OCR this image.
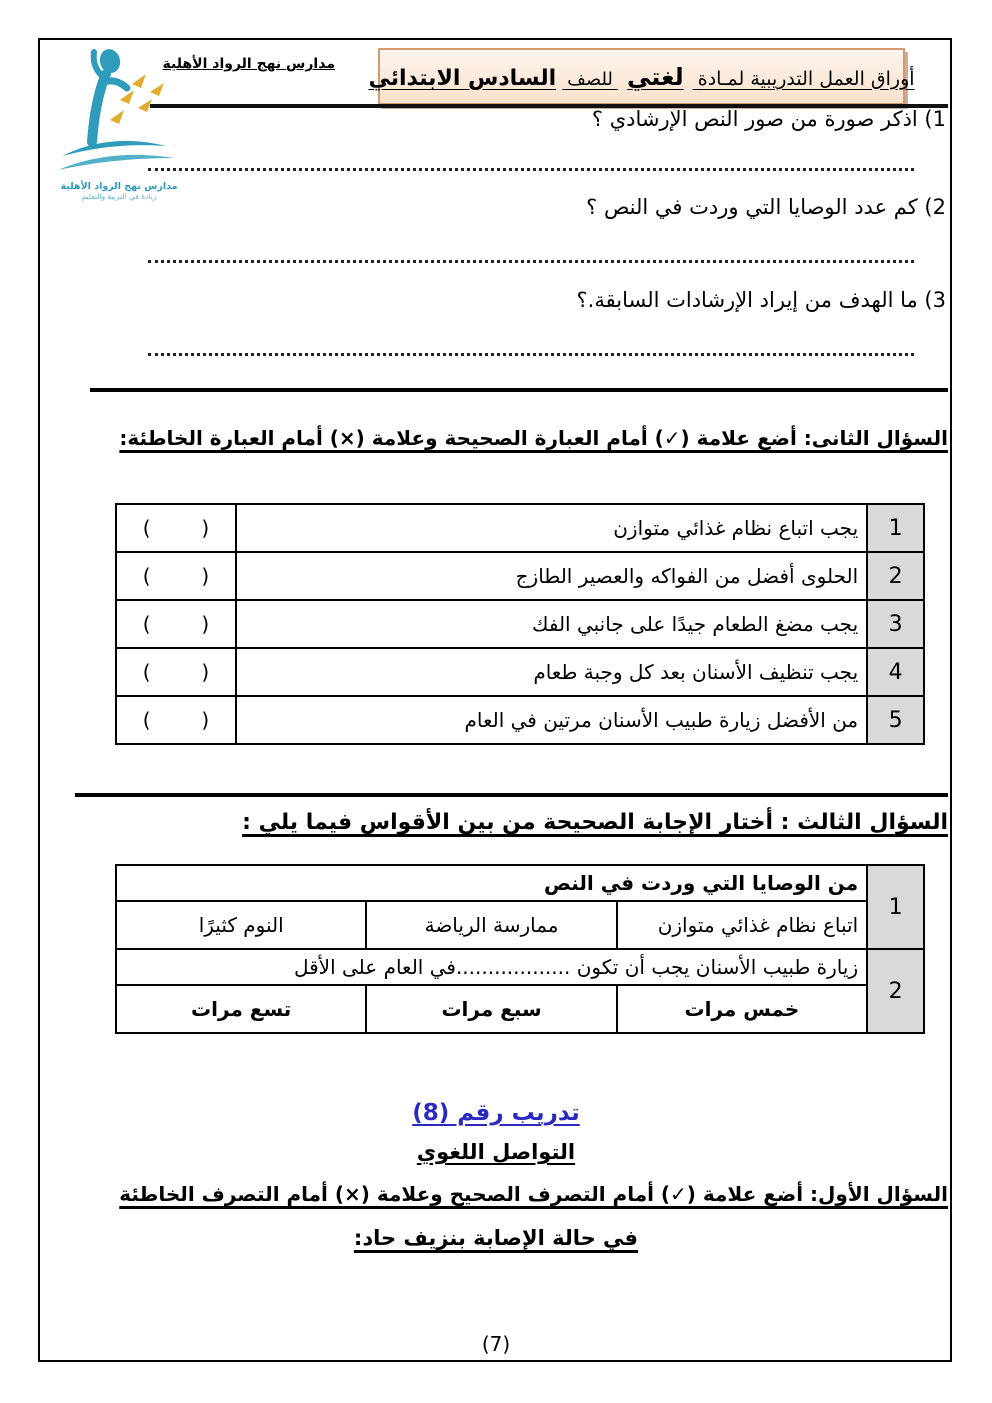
مدارس نهج الرواد الأهلية
ريادة في التربية والتعليم
مدارس نهج الرواد الأهلية
أوراق العمل التدريبية لمـادة لغتي للصف السادس الابتدائي
1) اذكر صورة من صور النص الإرشادي ؟
2) كم عدد الوصايا التي وردت في النص ؟
3) ما الهدف من إيراد الإرشادات السابقة.؟
السؤال الثانى: أضع علامة (✓) أمام العبارة الصحيحة وعلامة (×) أمام العبارة الخاطئة:
1	يجب اتباع نظام غذائي متوازن	(        )
2	الحلوى أفضل من الفواكه والعصير الطازج	(        )
3	يجب مضغ الطعام جيدًا على جانبي الفك	(        )
4	يجب تنظيف الأسنان بعد كل وجبة طعام	(        )
5	من الأفضل زيارة طبيب الأسنان مرتين في العام	(        )
السؤال الثالث : أختار الإجابة الصحيحة من بين الأقواس فيما يلي :
1	من الوصايا التي وردت في النص		
	اتباع نظام غذائي متوازن	ممارسة الرياضة	النوم كثيرًا
2	زيارة طبيب الأسنان يجب أن تكون ..................في العام على الأقل		
	خمس مرات	سبع مرات	تسع مرات
تدريب رقم (8)
التواصل اللغوي
السؤال الأول: أضع علامة (✓) أمام التصرف الصحيح وعلامة (×) أمام التصرف الخاطئة
في حالة الإصابة بنزيف حاد:
(7)
